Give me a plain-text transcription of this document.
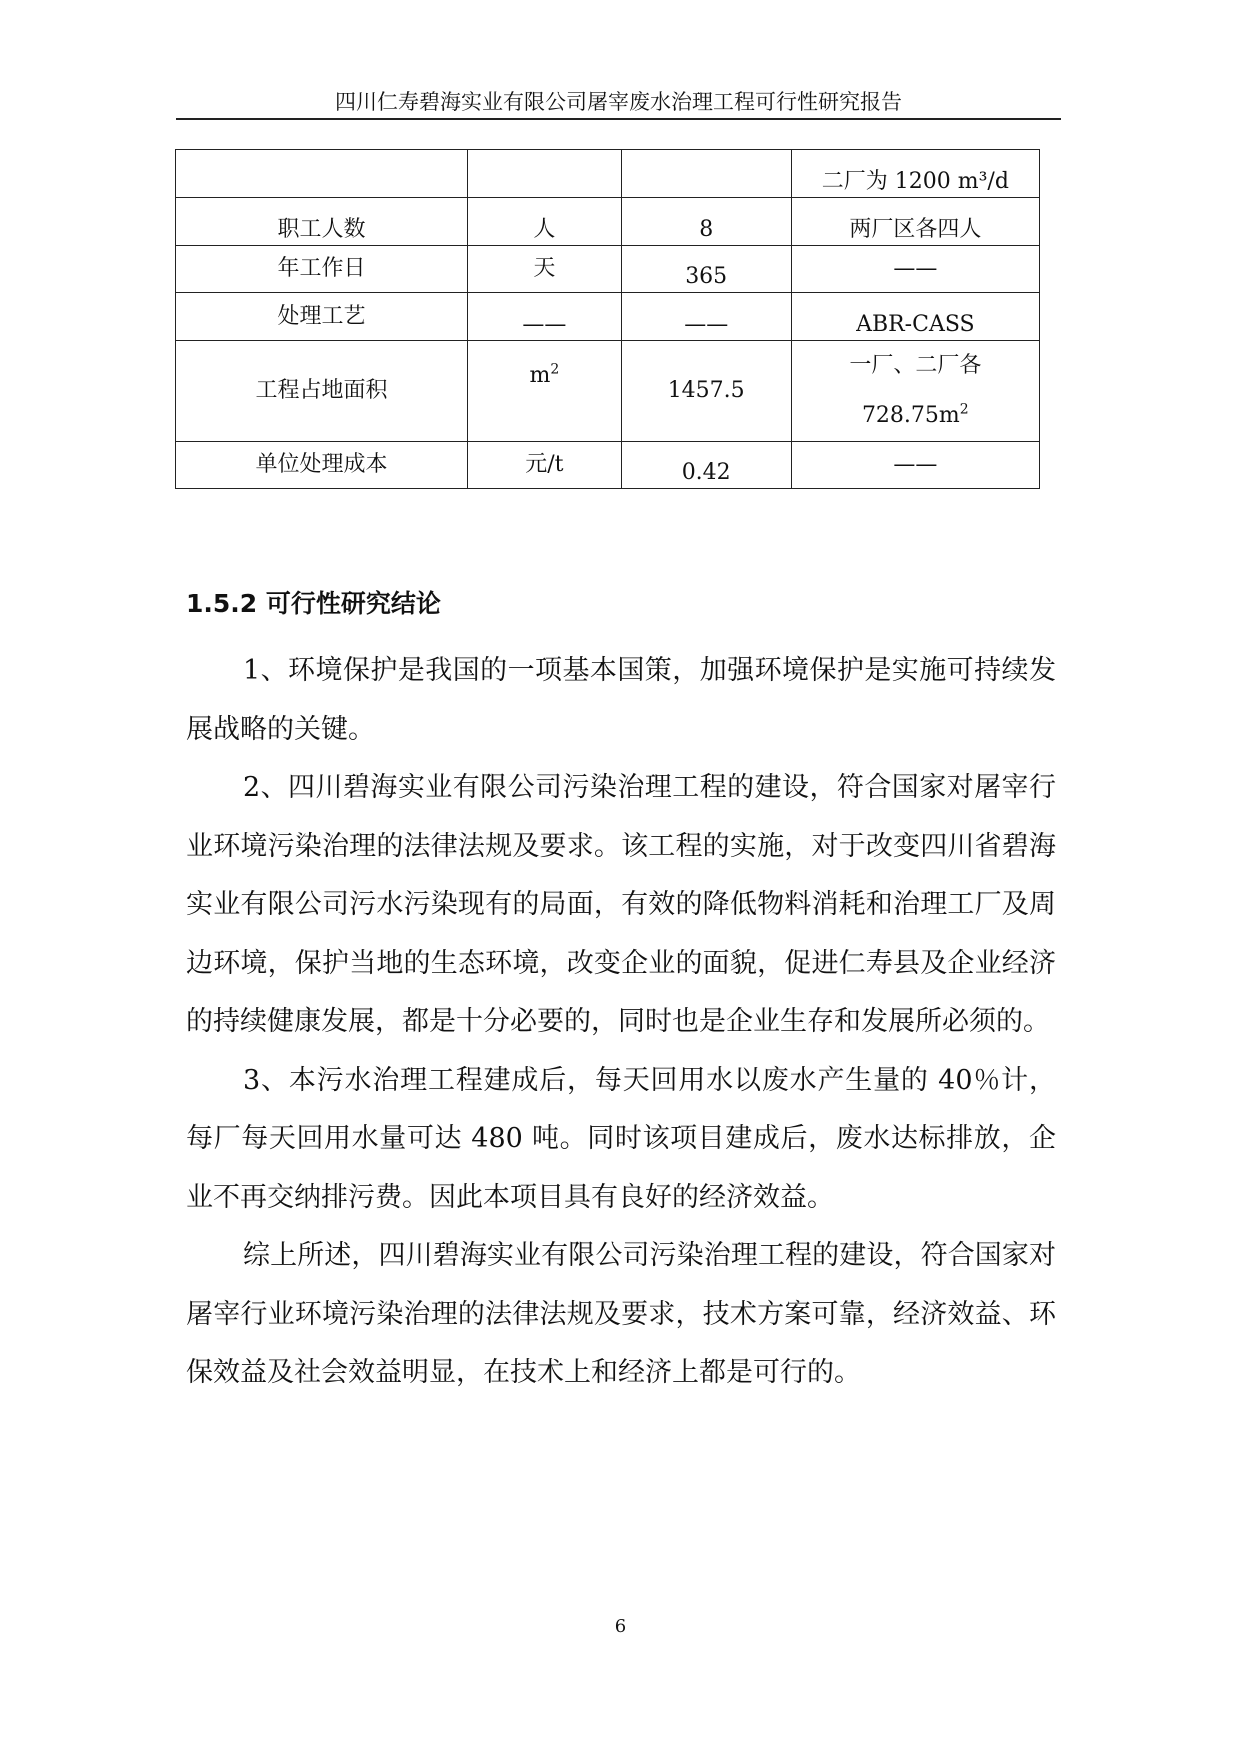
四川仁寿碧海实业有限公司屠宰废水治理工程可行性研究报告
			二厂为 1200 m³/d
职工人数	人	8	两厂区各四人
年工作日	天	365	——
处理工艺	——	——	ABR-CASS
工程占地面积	$m^2$	1457.5	一厂、二厂各
$728.75m^2$

单位处理成本	元/t	0.42	——
1.5.2 可行性研究结论

1、环境保护是我国的一项基本国策，加强环境保护是实施可持续发展战略的关键。

2、四川碧海实业有限公司污染治理工程的建设，符合国家对屠宰行业环境污染治理的法律法规及要求。该工程的实施，对于改变四川省碧海实业有限公司污水污染现有的局面，有效的降低物料消耗和治理工厂及周边环境，保护当地的生态环境，改变企业的面貌，促进仁寿县及企业经济的持续健康发展，都是十分必要的，同时也是企业生存和发展所必须的。

3、本污水治理工程建成后，每天回用水以废水产生量的 40％计，每厂每天回用水量可达 480 吨。同时该项目建成后，废水达标排放，企业不再交纳排污费。因此本项目具有良好的经济效益。

综上所述，四川碧海实业有限公司污染治理工程的建设，符合国家对屠宰行业环境污染治理的法律法规及要求，技术方案可靠，经济效益、环保效益及社会效益明显，在技术上和经济上都是可行的。

6
